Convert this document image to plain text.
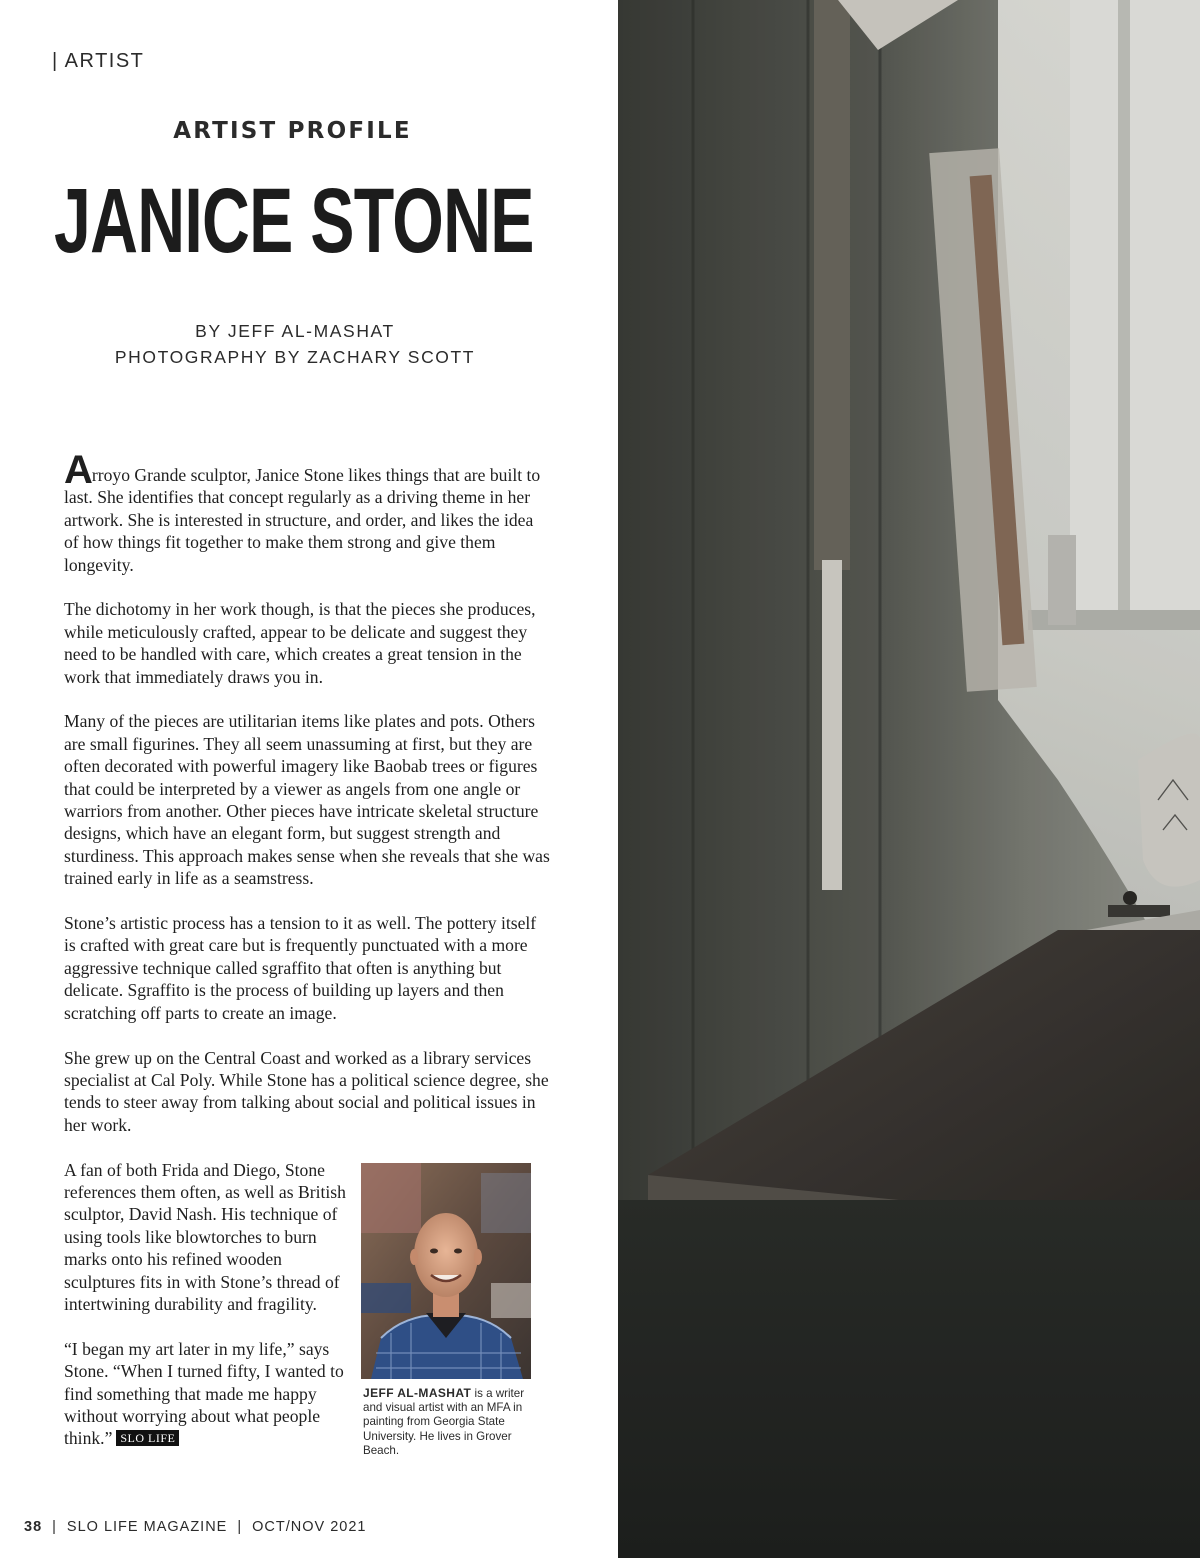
| ARTIST
ARTIST PROFILE
JANICE STONE
BY JEFF AL-MASHAT
PHOTOGRAPHY BY ZACHARY SCOTT

Arroyo Grande sculptor, Janice Stone likes things that are built to last. She identifies that concept regularly as a driving theme in her artwork. She is interested in structure, and order, and likes the idea of how things fit together to make them strong and give them longevity.

The dichotomy in her work though, is that the pieces she produces, while meticulously crafted, appear to be delicate and suggest they need to be handled with care, which creates a great tension in the work that immediately draws you in.

Many of the pieces are utilitarian items like plates and pots. Others are small figurines. They all seem unassuming at first, but they are often decorated with powerful imagery like Baobab trees or figures that could be interpreted by a viewer as angels from one angle or warriors from another. Other pieces have intricate skeletal structure designs, which have an elegant form, but suggest strength and sturdiness. This approach makes sense when she reveals that she was trained early in life as a seamstress.

Stone’s artistic process has a tension to it as well. The pottery itself is crafted with great care but is frequently punctuated with a more aggressive technique called sgraffito that often is anything but delicate. Sgraffito is the process of building up layers and then scratching off parts to create an image.

She grew up on the Central Coast and worked as a library services specialist at Cal Poly. While Stone has a political science degree, she tends to steer away from talking about social and political issues in her work.

A fan of both Frida and Diego, Stone references them often, as well as British sculptor, David Nash. His technique of using tools like blowtorches to burn marks onto his refined wooden sculptures fits in with Stone’s thread of intertwining durability and fragility.

“I began my art later in my life,” says Stone. “When I turned fifty, I wanted to find something that made me happy without worrying about what people think.” SLO LIFE

JEFF AL-MASHAT is a writer and visual artist with an MFA in painting from Georgia State University. He lives in Grover Beach.
38 | SLO LIFE MAGAZINE | OCT/NOV 2021
